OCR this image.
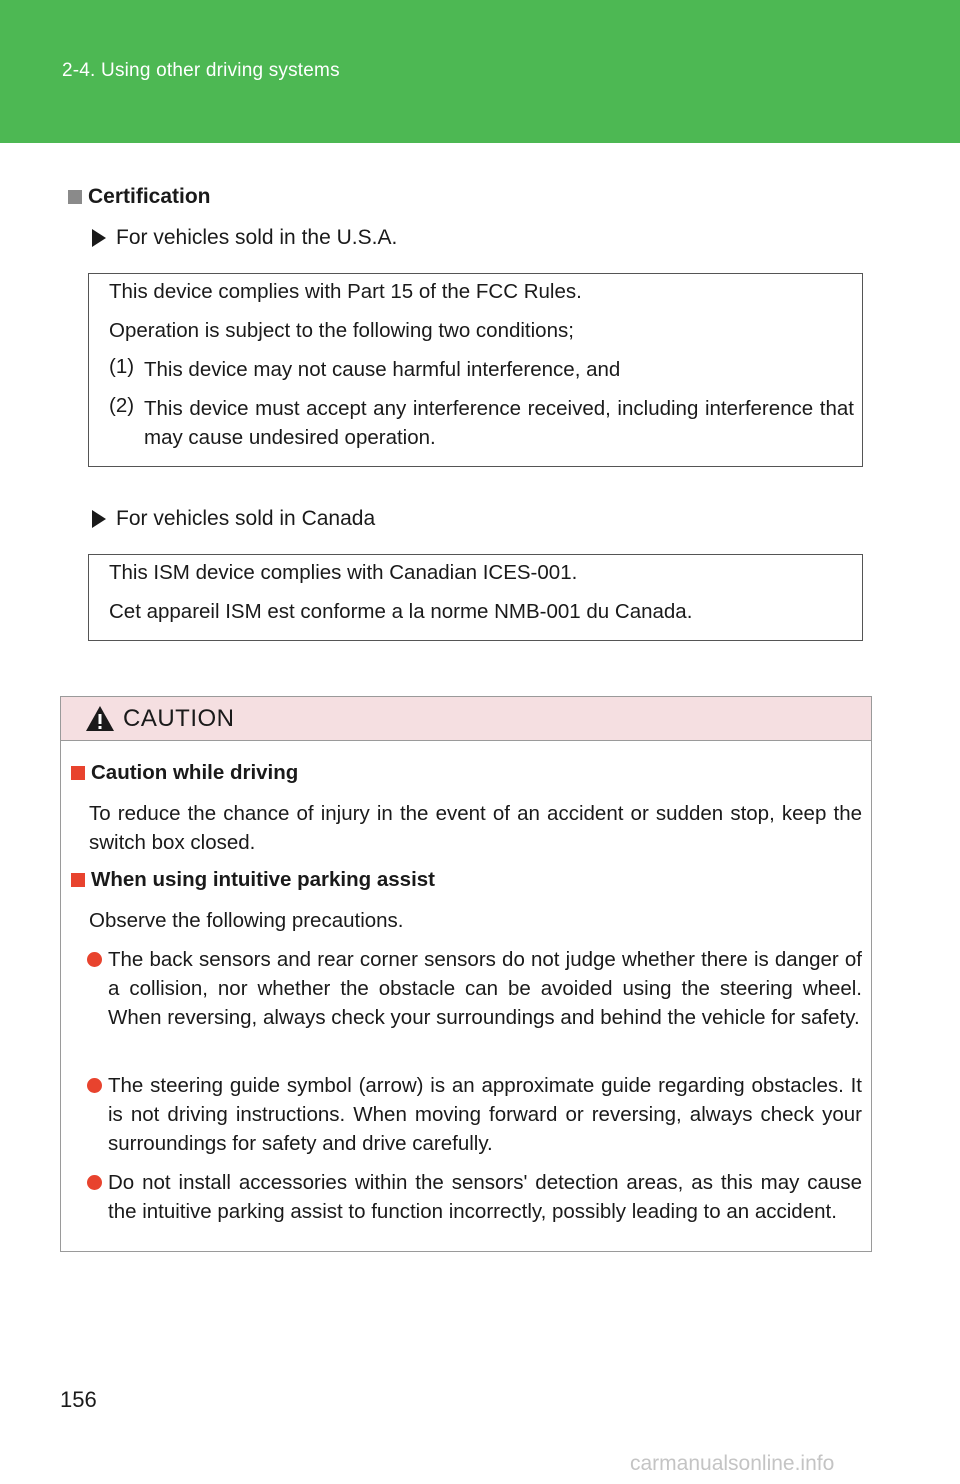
2-4. Using other driving systems
Certification
For vehicles sold in the U.S.A.

This device complies with Part 15 of the FCC Rules.

Operation is subject to the following two conditions;

(1) This device may not cause harmful interference, and
(2) This device must accept any interference received, including interference that may cause undesired operation.
For vehicles sold in Canada

This ISM device complies with Canadian ICES-001.

Cet appareil ISM est conforme a la norme NMB-001 du Canada.

CAUTION
Caution while driving
To reduce the chance of injury in the event of an accident or sudden stop, keep the switch box closed.
When using intuitive parking assist
Observe the following precautions.
The back sensors and rear corner sensors do not judge whether there is danger of a collision, nor whether the obstacle can be avoided using the steering wheel. When reversing, always check your surroundings and behind the vehicle for safety.
The steering guide symbol (arrow) is an approximate guide regarding obstacles. It is not driving instructions. When moving forward or reversing, always check your surroundings for safety and drive carefully.
Do not install accessories within the sensors' detection areas, as this may cause the intuitive parking assist to function incorrectly, possibly leading to an accident.
156
carmanualsonline.info
